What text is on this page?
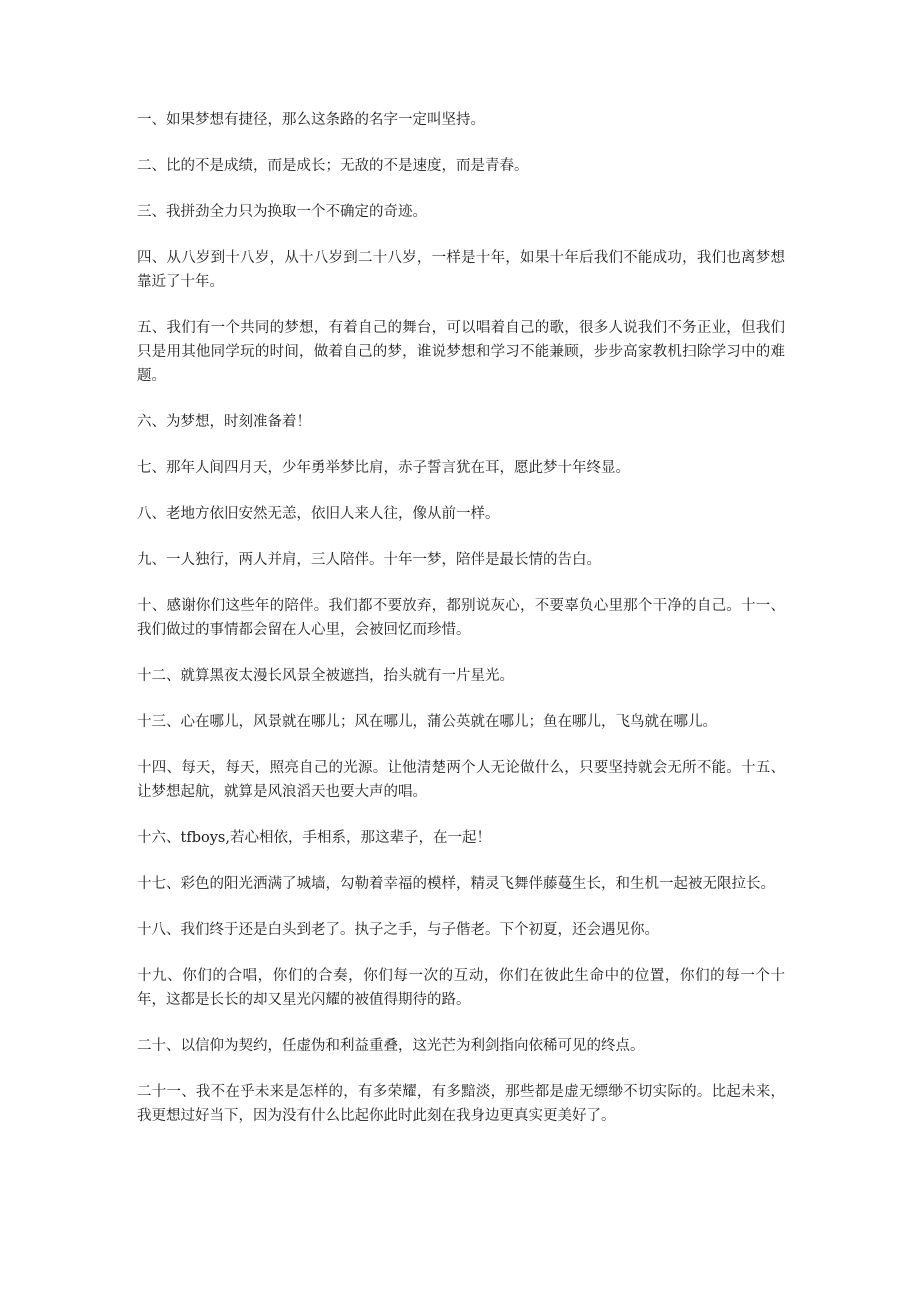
一、如果梦想有捷径，那么这条路的名字一定叫坚持。

二、比的不是成绩，而是成长；无敌的不是速度，而是青春。

三、我拼劲全力只为换取一个不确定的奇迹。

四、从八岁到十八岁，从十八岁到二十八岁，一样是十年，如果十年后我们不能成功，我们也离梦想靠近了十年。

五、我们有一个共同的梦想，有着自己的舞台，可以唱着自己的歌，很多人说我们不务正业，但我们只是用其他同学玩的时间，做着自己的梦，谁说梦想和学习不能兼顾，步步高家教机扫除学习中的难题。

六、为梦想，时刻准备着！

七、那年人间四月天，少年勇举梦比肩，赤子誓言犹在耳，愿此梦十年终显。

八、老地方依旧安然无恙，依旧人来人往，像从前一样。

九、一人独行，两人并肩，三人陪伴。十年一梦，陪伴是最长情的告白。

十、感谢你们这些年的陪伴。我们都不要放弃，都别说灰心，不要辜负心里那个干净的自己。十一、我们做过的事情都会留在人心里，会被回忆而珍惜。

十二、就算黑夜太漫长风景全被遮挡，抬头就有一片星光。

十三、心在哪儿，风景就在哪儿；风在哪儿，蒲公英就在哪儿；鱼在哪儿，飞鸟就在哪儿。

十四、每天，每天，照亮自己的光源。让他清楚两个人无论做什么，只要坚持就会无所不能。十五、让梦想起航，就算是风浪滔天也要大声的唱。

十六、tfboys,若心相依，手相系，那这辈子，在一起！

十七、彩色的阳光洒满了城墙，勾勒着幸福的模样，精灵飞舞伴藤蔓生长，和生机一起被无限拉长。

十八、我们终于还是白头到老了。执子之手，与子偕老。下个初夏，还会遇见你。

十九、你们的合唱，你们的合奏，你们每一次的互动，你们在彼此生命中的位置，你们的每一个十年，这都是长长的却又星光闪耀的被值得期待的路。

二十、以信仰为契约，任虚伪和利益重叠，这光芒为利剑指向依稀可见的终点。

二十一、我不在乎未来是怎样的，有多荣耀，有多黯淡，那些都是虚无缥缈不切实际的。比起未来，我更想过好当下，因为没有什么比起你此时此刻在我身边更真实更美好了。
